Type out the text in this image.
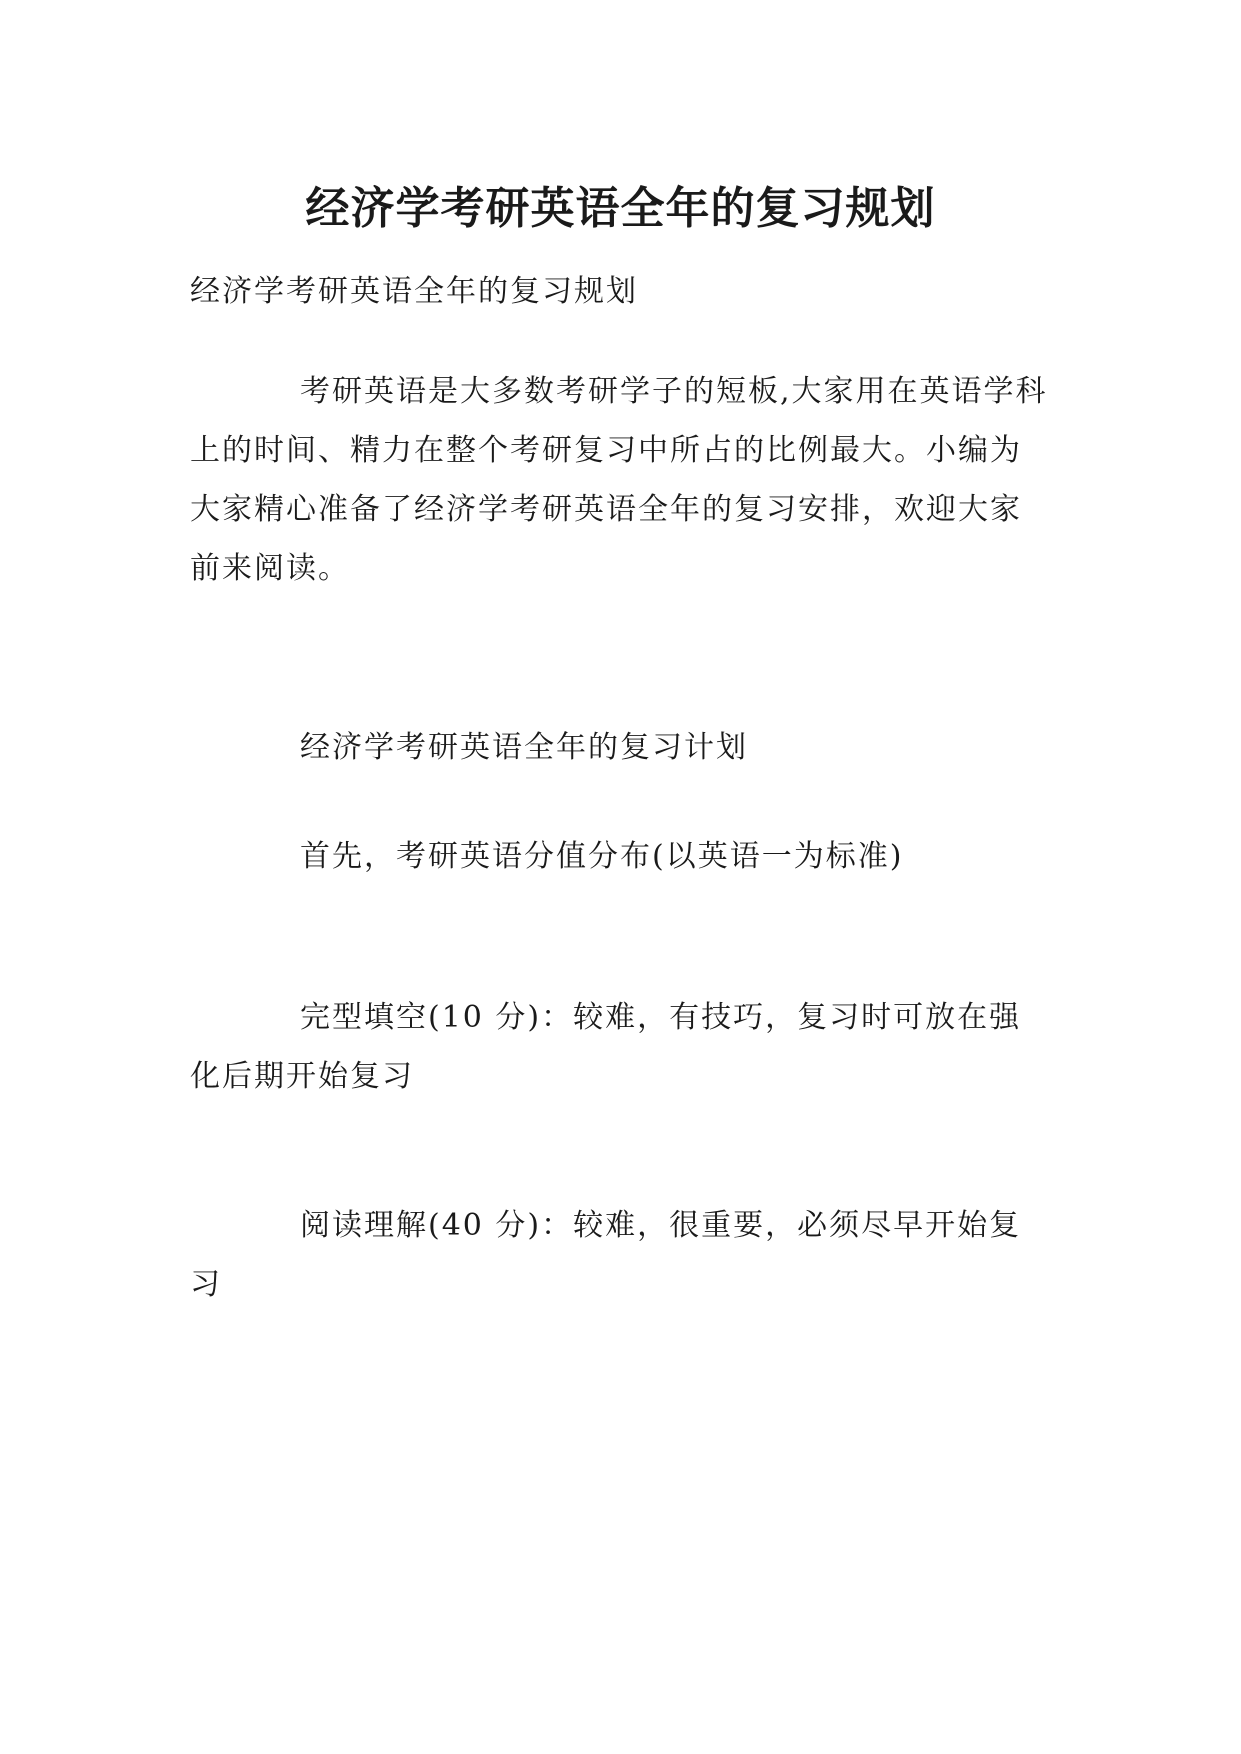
经济学考研英语全年的复习规划

经济学考研英语全年的复习规划

考研英语是大多数考研学子的短板,大家用在英语学科上的时间、精力在整个考研复习中所占的比例最大。小编为大家精心准备了经济学考研英语全年的复习安排，欢迎大家前来阅读。

经济学考研英语全年的复习计划

首先，考研英语分值分布(以英语一为标准)

完型填空(10 分)：较难，有技巧，复习时可放在强化后期开始复习

阅读理解(40 分)：较难，很重要，必须尽早开始复习
